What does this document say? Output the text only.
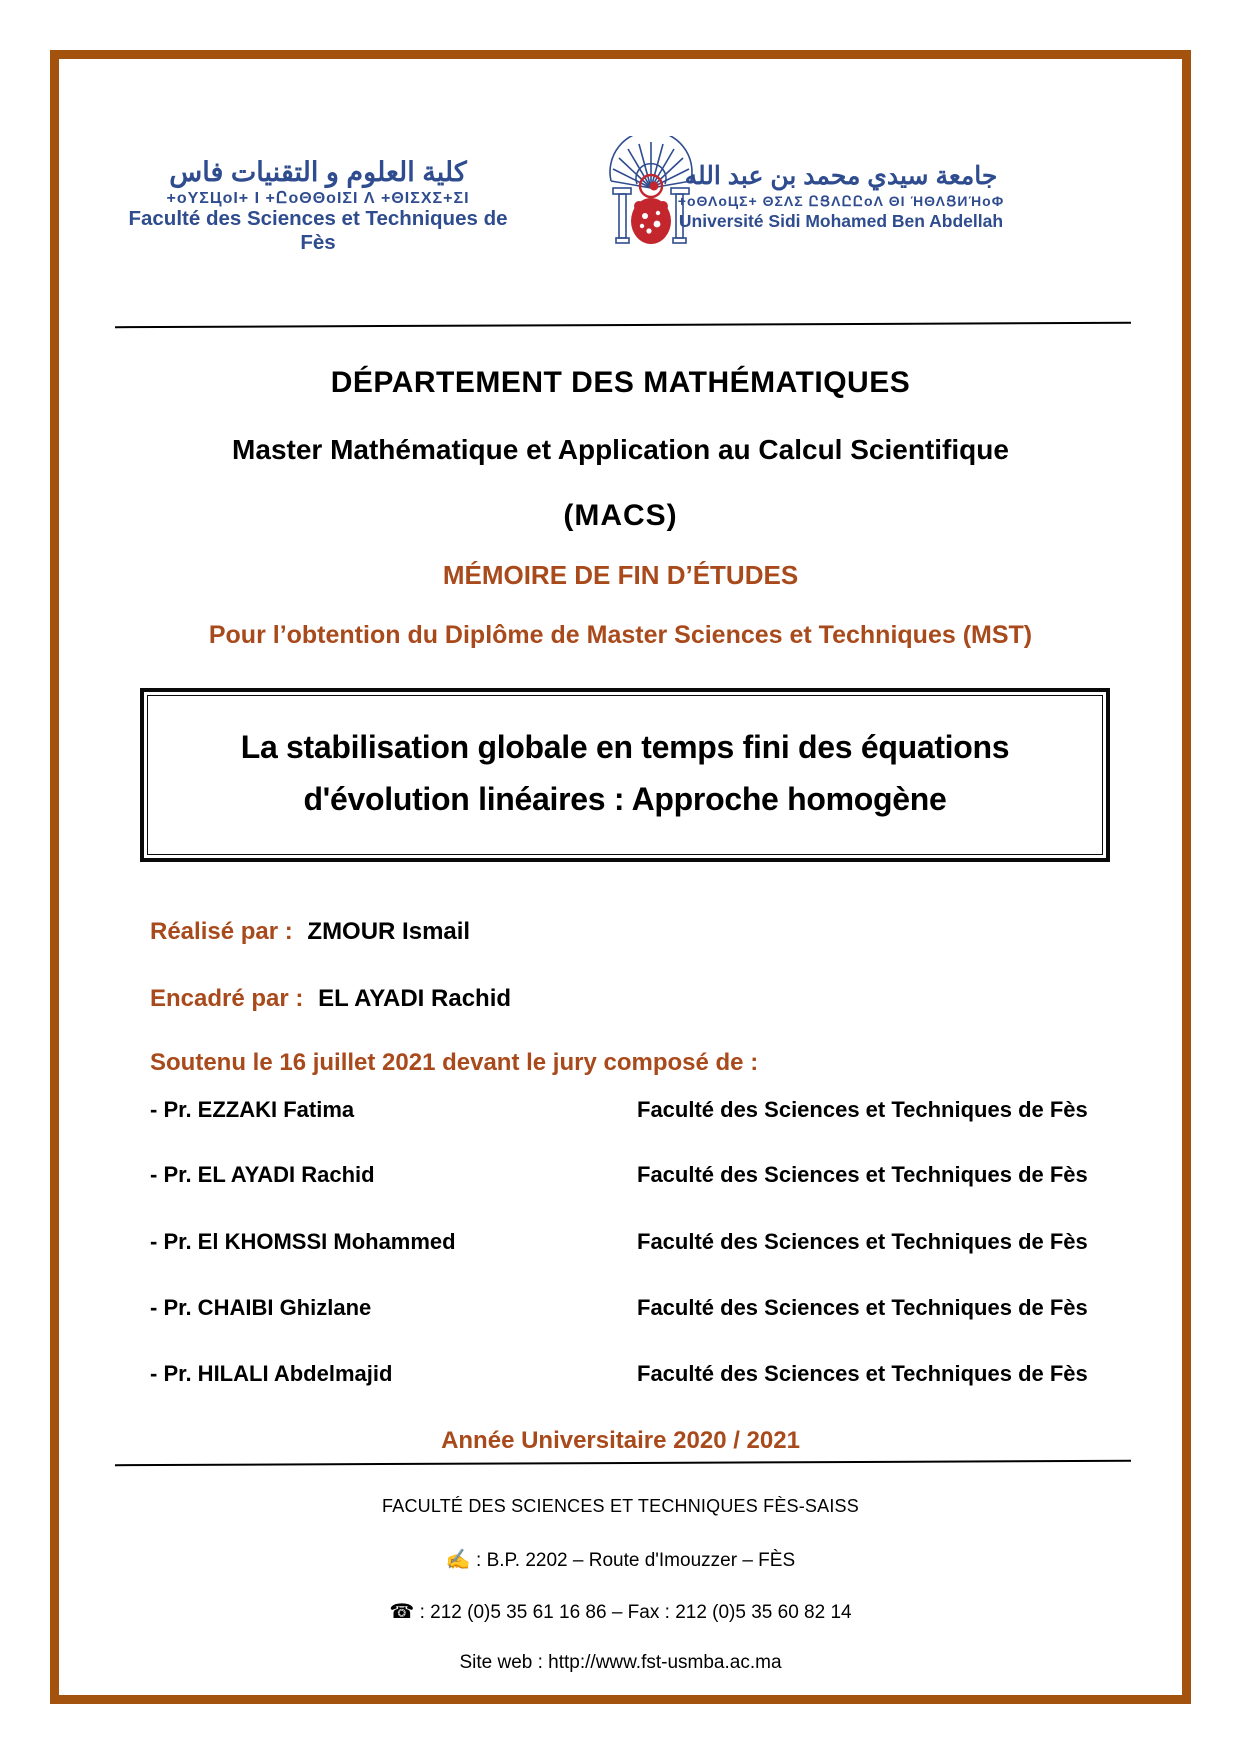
كلية العلوم و التقنيات فاس
+oΥΣЦoI+ I +ԸoΘΘoIΣI Λ +ΘIΣΧΣ+ΣI
Faculté des Sciences et Techniques de Fès
جامعة سيدي محمد بن عبد الله
+oΘΛoЦΣ+ ΘΣΛΣ ԸՑΛԸԸoΛ ΘI ΉΘΛՑИΉoΦ
Université Sidi Mohamed Ben Abdellah
DÉPARTEMENT DES MATHÉMATIQUES
Master Mathématique et Application au Calcul Scientifique
(MACS)
MÉMOIRE DE FIN D’ÉTUDES
Pour l’obtention du Diplôme de Master Sciences et Techniques (MST)
La stabilisation globale en temps fini des équations
d'évolution linéaires : Approche homogène
Réalisé par : ZMOUR Ismail
Encadré par : EL AYADI Rachid
Soutenu le 16 juillet 2021 devant le jury composé de :
- Pr. EZZAKI Fatima	Faculté des Sciences et Techniques de Fès
- Pr. EL AYADI Rachid	Faculté des Sciences et Techniques de Fès
- Pr. El KHOMSSI Mohammed	Faculté des Sciences et Techniques de Fès
- Pr. CHAIBI Ghizlane	Faculté des Sciences et Techniques de Fès
- Pr. HILALI Abdelmajid	Faculté des Sciences et Techniques de Fès
Année Universitaire 2020 / 2021
FACULTÉ DES SCIENCES ET TECHNIQUES FÈS-SAISS
✍ : B.P. 2202 – Route d'Imouzzer – FÈS
☎ : 212 (0)5 35 61 16 86 – Fax : 212 (0)5 35 60 82 14
Site web : http://www.fst-usmba.ac.ma
